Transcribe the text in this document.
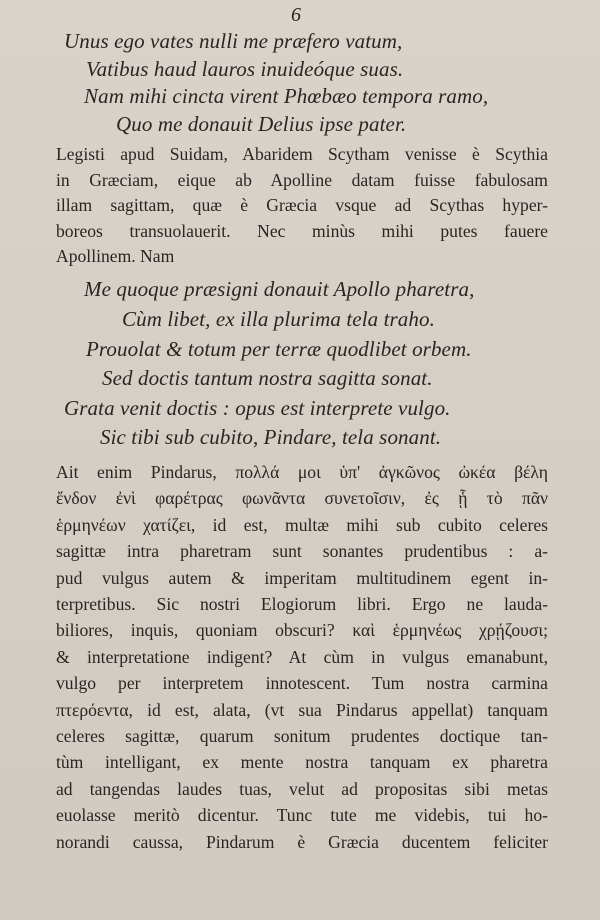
6
Unus ego vates nulli me præfero vatum,
Vatibus haud lauros inuideóque suas.
Nam mihi cincta virent Phœbæo tempora ramo,
Quo me donauit Delius ipse pater.
Legisti apud Suidam, Abaridem Scytham venisse è Scythia
in Græciam, eique ab Apolline datam fuisse fabulosam
illam sagittam, quæ è Græcia vsque ad Scythas hyper-
boreos transuolauerit. Nec minùs mihi putes fauere
Apollinem. Nam
Me quoque præsigni donauit Apollo pharetra,
Cùm libet, ex illa plurima tela traho.
Prouolat & totum per terræ quodlibet orbem.
Sed doctis tantum nostra sagitta sonat.
Grata venit doctis : opus est interprete vulgo.
Sic tibi sub cubito, Pindare, tela sonant.
Ait enim Pindarus, πολλά μοι ὑπ' ἀγκῶνος ὠκέα βέλη
ἔνδον ἐνὶ φαρέτρας φωνᾶντα συνετοῖσιν, ἐς ᾗ τὸ πᾶν
ἑρμηνέων χατίζει, id est, multæ mihi sub cubito celeres
sagittæ intra pharetram sunt sonantes prudentibus : a-
pud vulgus autem & imperitam multitudinem egent in-
terpretibus. Sic nostri Elogiorum libri. Ergo ne lauda-
biliores, inquis, quoniam obscuri? καὶ ἑρμηνέως χρῄζουσι;
& interpretatione indigent? At cùm in vulgus emanabunt,
vulgo per interpretem innotescent. Tum nostra carmina
πτερόεντα, id est, alata, (vt sua Pindarus appellat) tanquam
celeres sagittæ, quarum sonitum prudentes doctique tan-
tùm intelligant, ex mente nostra tanquam ex pharetra
ad tangendas laudes tuas, velut ad propositas sibi metas
euolasse meritò dicentur. Tunc tute me videbis, tui ho-
norandi caussa, Pindarum è Græcia ducentem feliciter
